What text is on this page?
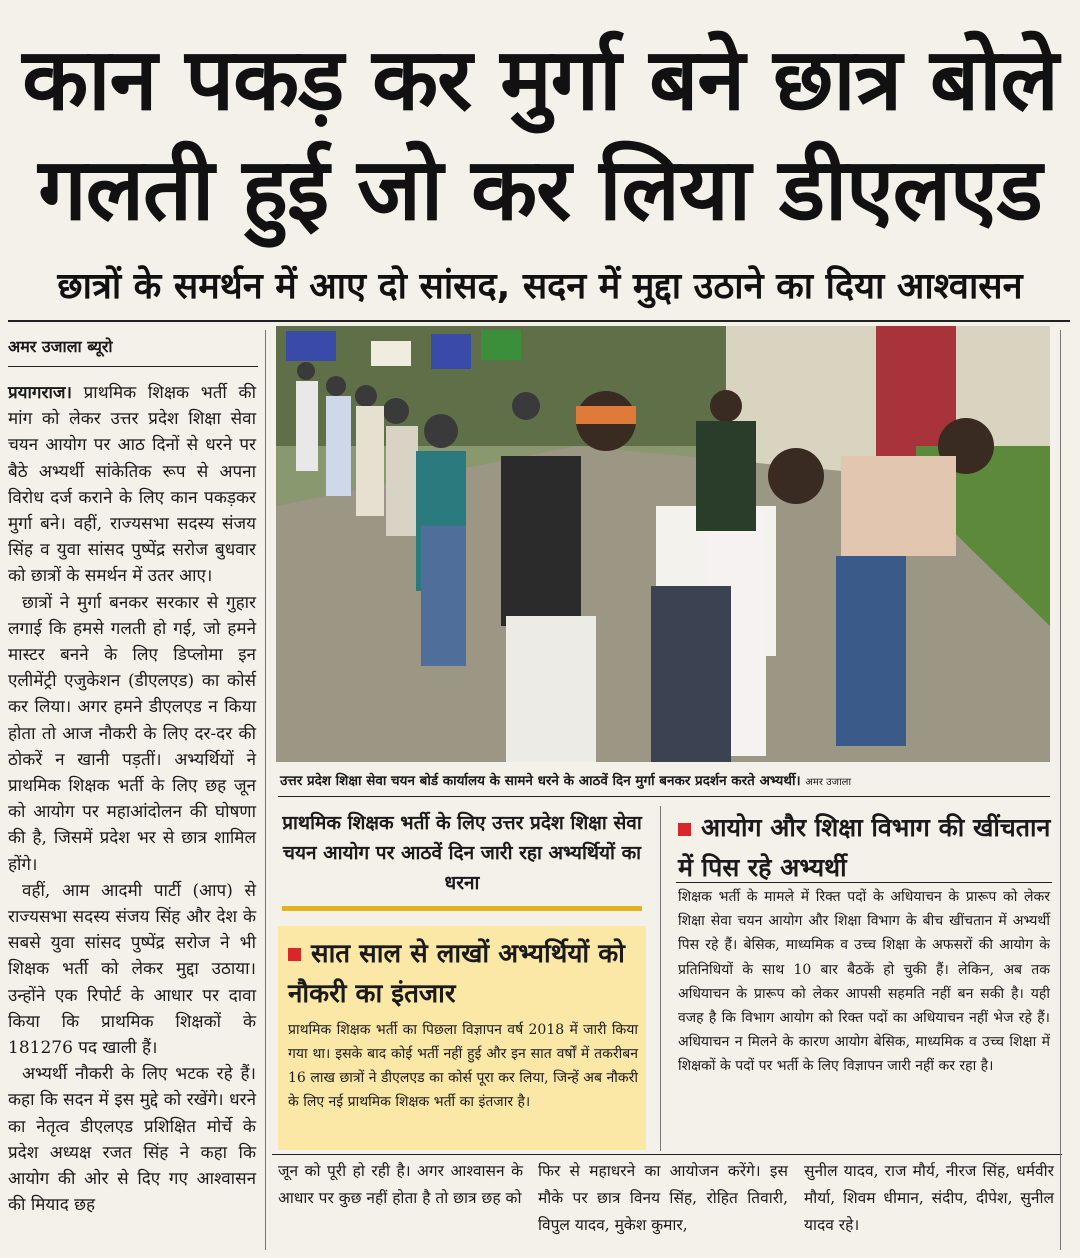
कान पकड़ कर मुर्गा बने छात्र बोले
गलती हुई जो कर लिया डीएलएड
छात्रों के समर्थन में आए दो सांसद, सदन में मुद्दा उठाने का दिया आश्वासन
अमर उजाला ब्यूरो

प्रयागराज। प्राथमिक शिक्षक भर्ती की मांग को लेकर उत्तर प्रदेश शिक्षा सेवा चयन आयोग पर आठ दिनों से धरने पर बैठे अभ्यर्थी सांकेतिक रूप से अपना विरोध दर्ज कराने के लिए कान पकड़कर मुर्गा बने। वहीं, राज्यसभा सदस्य संजय सिंह व युवा सांसद पुष्पेंद्र सरोज बुधवार को छात्रों के समर्थन में उतर आए।

छात्रों ने मुर्गा बनकर सरकार से गुहार लगाई कि हमसे गलती हो गई, जो हमने मास्टर बनने के लिए डिप्लोमा इन एलीमेंट्री एजुकेशन (डीएलएड) का कोर्स कर लिया। अगर हमने डीएलएड न किया होता तो आज नौकरी के लिए दर-दर की ठोकरें न खानी पड़तीं। अभ्यर्थियों ने प्राथमिक शिक्षक भर्ती के लिए छह जून को आयोग पर महाआंदोलन की घोषणा की है, जिसमें प्रदेश भर से छात्र शामिल होंगे।

वहीं, आम आदमी पार्टी (आप) से राज्यसभा सदस्य संजय सिंह और देश के सबसे युवा सांसद पुष्पेंद्र सरोज ने भी शिक्षक भर्ती को लेकर मुद्दा उठाया। उन्होंने एक रिपोर्ट के आधार पर दावा किया कि प्राथमिक शिक्षकों के 181276 पद खाली हैं।

अभ्यर्थी नौकरी के लिए भटक रहे हैं। कहा कि सदन में इस मुद्दे को रखेंगे। धरने का नेतृत्व डीएलएड प्रशिक्षित मोर्चे के प्रदेश अध्यक्ष रजत सिंह ने कहा कि आयोग की ओर से दिए गए आश्वासन की मियाद छह

उत्तर प्रदेश शिक्षा सेवा चयन बोर्ड कार्यालय के सामने धरने के आठवें दिन मुर्गा बनकर प्रदर्शन करते अभ्यर्थी। अमर उजाला
प्राथमिक शिक्षक भर्ती के लिए उत्तर प्रदेश शिक्षा सेवा चयन आयोग पर आठवें दिन जारी रहा अभ्यर्थियों का धरना
सात साल से लाखों अभ्यर्थियों को नौकरी का इंतजार
प्राथमिक शिक्षक भर्ती का पिछला विज्ञापन वर्ष 2018 में जारी किया गया था। इसके बाद कोई भर्ती नहीं हुई और इन सात वर्षों में तकरीबन 16 लाख छात्रों ने डीएलएड का कोर्स पूरा कर लिया, जिन्हें अब नौकरी के लिए नई प्राथमिक शिक्षक भर्ती का इंतजार है।
आयोग और शिक्षा विभाग की खींचतान में पिस रहे अभ्यर्थी
शिक्षक भर्ती के मामले में रिक्त पदों के अधियाचन के प्रारूप को लेकर शिक्षा सेवा चयन आयोग और शिक्षा विभाग के बीच खींचतान में अभ्यर्थी पिस रहे हैं। बेसिक, माध्यमिक व उच्च शिक्षा के अफसरों की आयोग के प्रतिनिधियों के साथ 10 बार बैठकें हो चुकी हैं। लेकिन, अब तक अधियाचन के प्रारूप को लेकर आपसी सहमति नहीं बन सकी है। यही वजह है कि विभाग आयोग को रिक्त पदों का अधियाचन नहीं भेज रहे हैं। अधियाचन न मिलने के कारण आयोग बेसिक, माध्यमिक व उच्च शिक्षा में शिक्षकों के पदों पर भर्ती के लिए विज्ञापन जारी नहीं कर रहा है।

जून को पूरी हो रही है। अगर आश्वासन के आधार पर कुछ नहीं होता है तो छात्र छह को

फिर से महाधरने का आयोजन करेंगे। इस मौके पर छात्र विनय सिंह, रोहित तिवारी, विपुल यादव, मुकेश कुमार,

सुनील यादव, राज मौर्य, नीरज सिंह, धर्मवीर मौर्या, शिवम धीमान, संदीप, दीपेश, सुनील यादव रहे।
